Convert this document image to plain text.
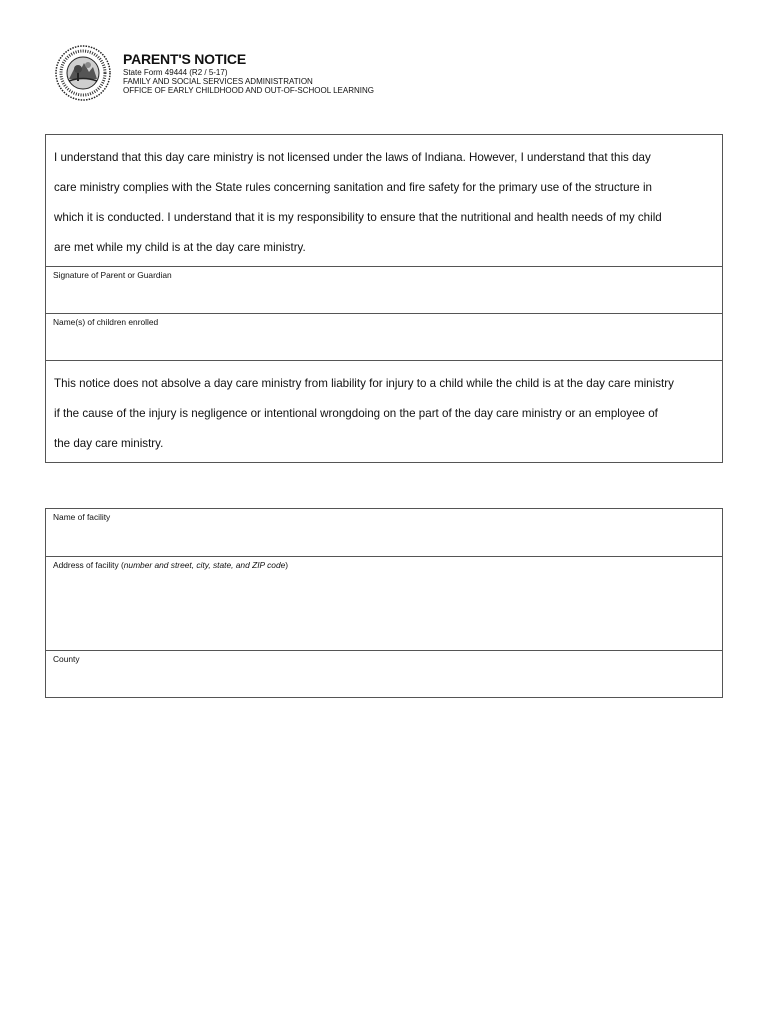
PARENT'S NOTICE
State Form 49444 (R2 / 5-17)
FAMILY AND SOCIAL SERVICES ADMINISTRATION
OFFICE OF EARLY CHILDHOOD AND OUT-OF-SCHOOL LEARNING
I understand that this day care ministry is not licensed under the laws of Indiana. However, I understand that this day
care ministry complies with the State rules concerning sanitation and fire safety for the primary use of the structure in
which it is conducted. I understand that it is my responsibility to ensure that the nutritional and health needs of my child
are met while my child is at the day care ministry.
Signature of Parent or Guardian
Name(s) of children enrolled
This notice does not absolve a day care ministry from liability for injury to a child while the child is at the day care ministry
if the cause of the injury is negligence or intentional wrongdoing on the part of the day care ministry or an employee of
the day care ministry.
Name of facility
Address of facility (number and street, city, state, and ZIP code)
County
